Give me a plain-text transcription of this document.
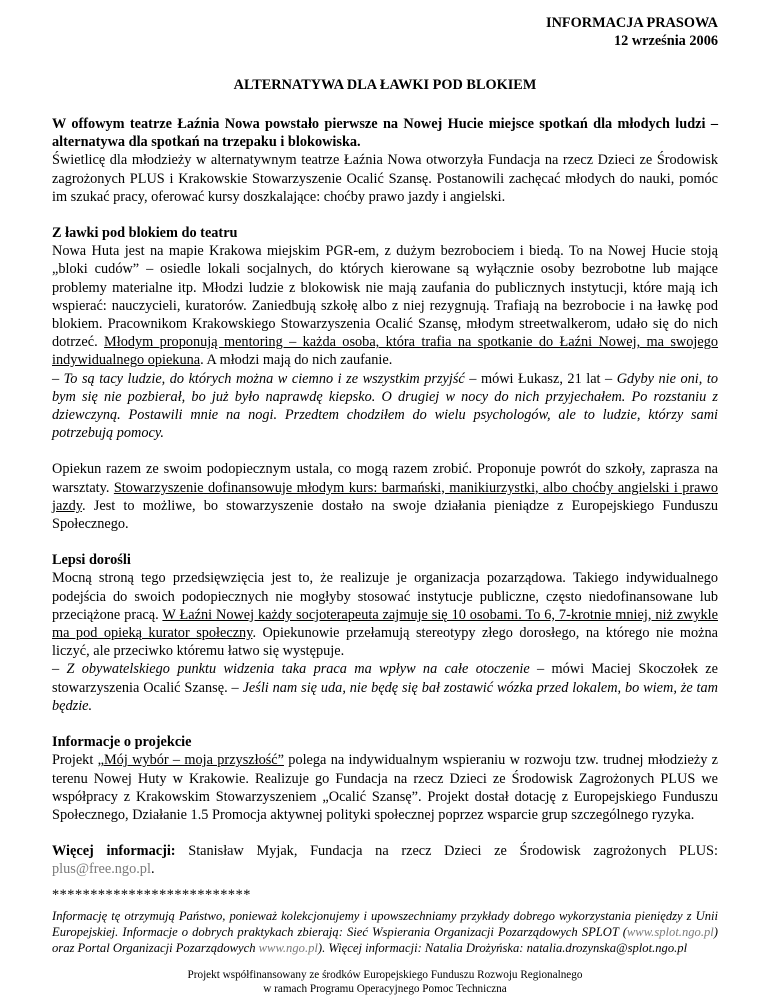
INFORMACJA PRASOWA
12 września 2006
ALTERNATYWA DLA ŁAWKI POD BLOKIEM

W offowym teatrze Łaźnia Nowa powstało pierwsze na Nowej Hucie miejsce spotkań dla młodych ludzi – alternatywa dla spotkań na trzepaku i blokowiska.

Świetlicę dla młodzieży w alternatywnym teatrze Łaźnia Nowa otworzyła Fundacja na rzecz Dzieci ze Środowisk zagrożonych PLUS i Krakowskie Stowarzyszenie Ocalić Szansę. Postanowili zachęcać młodych do nauki, pomóc im szukać pracy, oferować kursy doszkalające: choćby prawo jazdy i angielski.

Z ławki pod blokiem do teatru

Nowa Huta jest na mapie Krakowa miejskim PGR-em, z dużym bezrobociem i biedą. To na Nowej Hucie stoją „bloki cudów” – osiedle lokali socjalnych, do których kierowane są wyłącznie osoby bezrobotne lub mające problemy materialne itp. Młodzi ludzie z blokowisk nie mają zaufania do publicznych instytucji, które mają ich wspierać: nauczycieli, kuratorów. Zaniedbują szkołę albo z niej rezygnują. Trafiają na bezrobocie i na ławkę pod blokiem. Pracownikom Krakowskiego Stowarzyszenia Ocalić Szansę, młodym streetwalkerom, udało się do nich dotrzeć. Młodym proponują mentoring – każda osoba, która trafia na spotkanie do Łaźni Nowej, ma swojego indywidualnego opiekuna. A młodzi mają do nich zaufanie.

– To są tacy ludzie, do których można w ciemno i ze wszystkim przyjść – mówi Łukasz, 21 lat – Gdyby nie oni, to bym się nie pozbierał, bo już było naprawdę kiepsko. O drugiej w nocy do nich przyjechałem. Po rozstaniu z dziewczyną. Postawili mnie na nogi. Przedtem chodziłem do wielu psychologów, ale to ludzie, którzy sami potrzebują pomocy.

Opiekun razem ze swoim podopiecznym ustala, co mogą razem zrobić. Proponuje powrót do szkoły, zaprasza na warsztaty. Stowarzyszenie dofinansowuje młodym kurs: barmański, manikiurzystki, albo choćby angielski i prawo jazdy. Jest to możliwe, bo stowarzyszenie dostało na swoje działania pieniądze z Europejskiego Funduszu Społecznego.

Lepsi dorośli

Mocną stroną tego przedsięwzięcia jest to, że realizuje je organizacja pozarządowa. Takiego indywidualnego podejścia do swoich podopiecznych nie mogłyby stosować instytucje publiczne, często niedofinansowane lub przeciążone pracą. W Łaźni Nowej każdy socjoterapeuta zajmuje się 10 osobami. To 6, 7-krotnie mniej, niż zwykle ma pod opieką kurator społeczny. Opiekunowie przełamują stereotypy złego dorosłego, na którego nie można liczyć, ale przeciwko któremu łatwo się występuje.

– Z obywatelskiego punktu widzenia taka praca ma wpływ na całe otoczenie – mówi Maciej Skoczołek ze stowarzyszenia Ocalić Szansę. – Jeśli nam się uda, nie będę się bał zostawić wózka przed lokalem, bo wiem, że tam będzie.

Informacje o projekcie

Projekt „Mój wybór – moja przyszłość” polega na indywidualnym wspieraniu w rozwoju tzw. trudnej młodzieży z terenu Nowej Huty w Krakowie. Realizuje go Fundacja na rzecz Dzieci ze Środowisk Zagrożonych PLUS we współpracy z Krakowskim Stowarzyszeniem „Ocalić Szansę”. Projekt dostał dotację z Europejskiego Funduszu Społecznego, Działanie 1.5 Promocja aktywnej polityki społecznej poprzez wsparcie grup szczególnego ryzyka.

Więcej informacji: Stanisław Myjak, Fundacja na rzecz Dzieci ze Środowisk zagrożonych PLUS: plus@free.ngo.pl.

**************************

Informację tę otrzymują Państwo, ponieważ kolekcjonujemy i upowszechniamy przykłady dobrego wykorzystania pieniędzy z Unii Europejskiej. Informacje o dobrych praktykach zbierają: Sieć Wspierania Organizacji Pozarządowych SPLOT (www.splot.ngo.pl) oraz Portal Organizacji Pozarządowych www.ngo.pl). Więcej informacji: Natalia Drożyńska: natalia.drozynska@splot.ngo.pl

Projekt współfinansowany ze środków Europejskiego Funduszu Rozwoju Regionalnego
w ramach Programu Operacyjnego Pomoc Techniczna
